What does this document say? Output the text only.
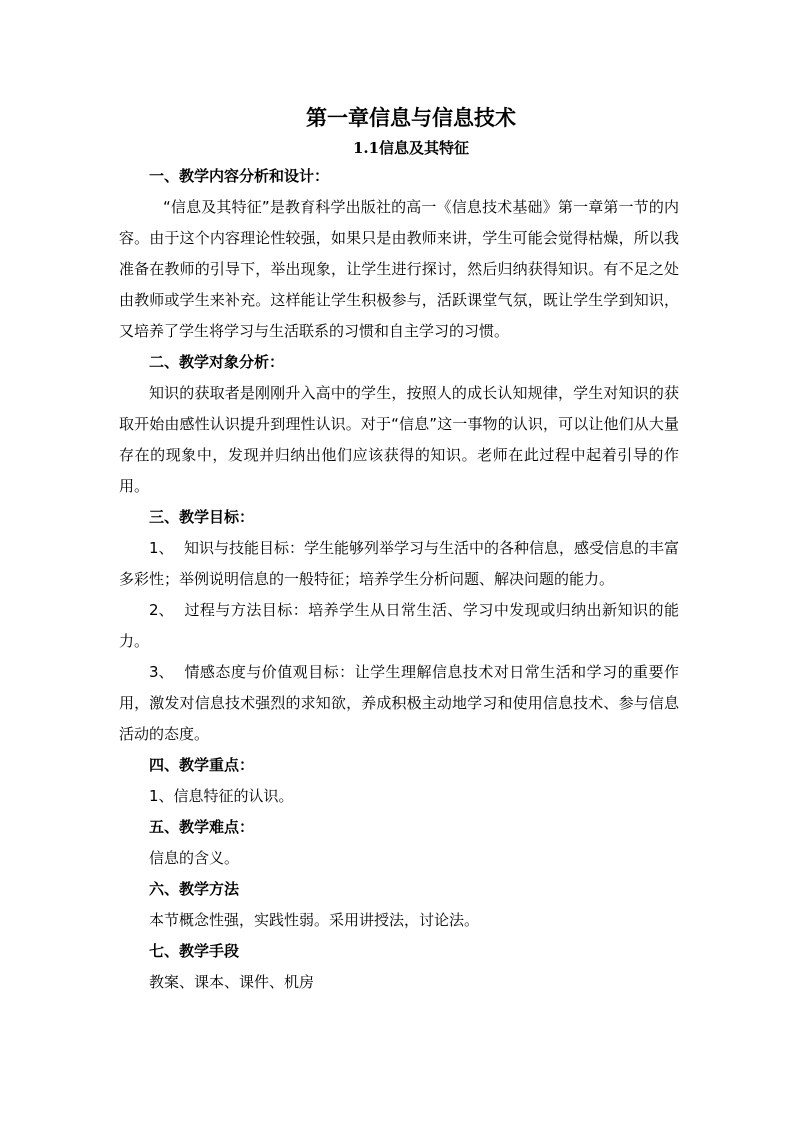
第一章信息与信息技术
1.1信息及其特征
一、教学内容分析和设计：

“信息及其特征”是教育科学出版社的高一《信息技术基础》第一章第一节的内容。由于这个内容理论性较强，如果只是由教师来讲，学生可能会觉得枯燥，所以我准备在教师的引导下，举出现象，让学生进行探讨，然后归纳获得知识。有不足之处由教师或学生来补充。这样能让学生积极参与，活跃课堂气氛，既让学生学到知识，又培养了学生将学习与生活联系的习惯和自主学习的习惯。

二、教学对象分析：

知识的获取者是刚刚升入高中的学生，按照人的成长认知规律，学生对知识的获取开始由感性认识提升到理性认识。对于“信息”这一事物的认识，可以让他们从大量存在的现象中，发现并归纳出他们应该获得的知识。老师在此过程中起着引导的作用。

三、教学目标：

1、 知识与技能目标：学生能够列举学习与生活中的各种信息，感受信息的丰富多彩性；举例说明信息的一般特征；培养学生分析问题、解决问题的能力。

2、 过程与方法目标：培养学生从日常生活、学习中发现或归纳出新知识的能力。

3、 情感态度与价值观目标：让学生理解信息技术对日常生活和学习的重要作用，激发对信息技术强烈的求知欲，养成积极主动地学习和使用信息技术、参与信息活动的态度。

四、教学重点：

1、信息特征的认识。

五、教学难点：

信息的含义。

六、教学方法

本节概念性强，实践性弱。采用讲授法，讨论法。

七、教学手段

教案、课本、课件、机房
